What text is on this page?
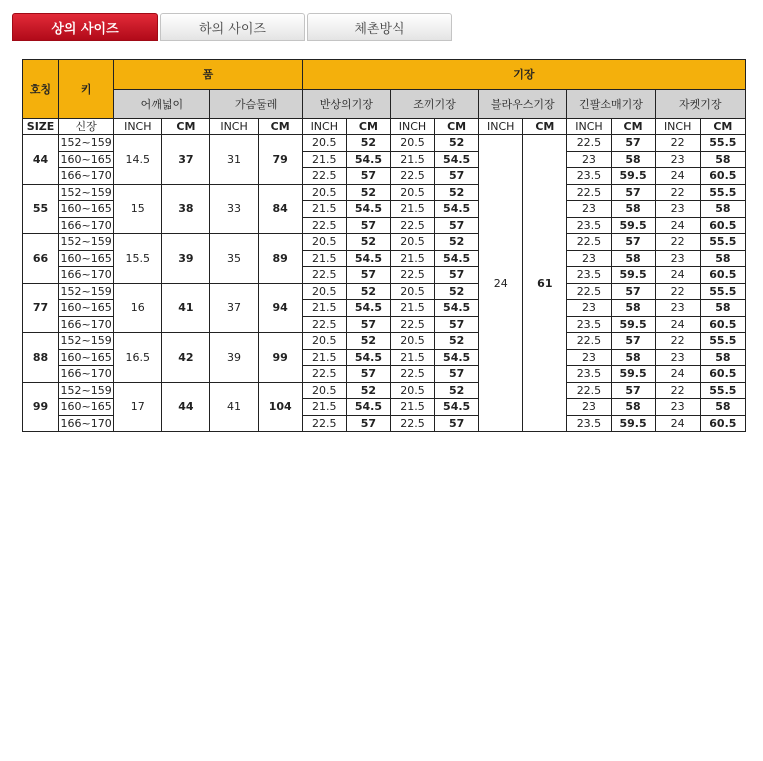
상의 사이즈	하의 사이즈	체촌방식
호칭	키	품				기장									
		어깨넓이		가슴둘레		반상의기장		조끼기장		블라우스기장		긴팔소매기장		자켓기장	
SIZE	신장	INCH	CM	INCH	CM	INCH	CM	INCH	CM	INCH	CM	INCH	CM	INCH	CM
44	152~159	14.5	37	31	79	20.5	52	20.5	52	24	61	22.5	57	22	55.5
	160~165					21.5	54.5	21.5	54.5			23	58	23	58
	166~170					22.5	57	22.5	57			23.5	59.5	24	60.5
55	152~159	15	38	33	84	20.5	52	20.5	52			22.5	57	22	55.5
	160~165					21.5	54.5	21.5	54.5			23	58	23	58
	166~170					22.5	57	22.5	57			23.5	59.5	24	60.5
66	152~159	15.5	39	35	89	20.5	52	20.5	52			22.5	57	22	55.5
	160~165					21.5	54.5	21.5	54.5			23	58	23	58
	166~170					22.5	57	22.5	57			23.5	59.5	24	60.5
77	152~159	16	41	37	94	20.5	52	20.5	52			22.5	57	22	55.5
	160~165					21.5	54.5	21.5	54.5			23	58	23	58
	166~170					22.5	57	22.5	57			23.5	59.5	24	60.5
88	152~159	16.5	42	39	99	20.5	52	20.5	52			22.5	57	22	55.5
	160~165					21.5	54.5	21.5	54.5			23	58	23	58
	166~170					22.5	57	22.5	57			23.5	59.5	24	60.5
99	152~159	17	44	41	104	20.5	52	20.5	52			22.5	57	22	55.5
	160~165					21.5	54.5	21.5	54.5			23	58	23	58
	166~170					22.5	57	22.5	57			23.5	59.5	24	60.5
